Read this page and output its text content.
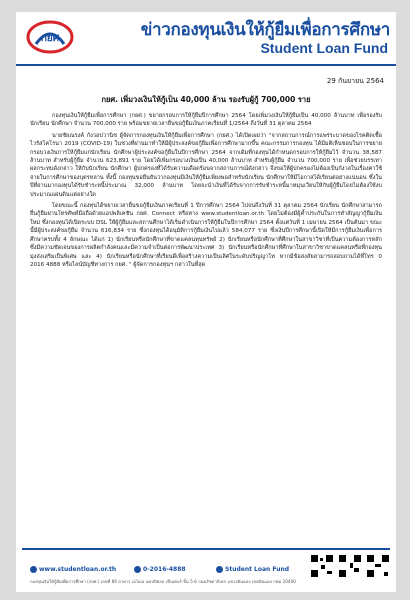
กยศ	ข่าวกองทุนเงินให้กู้ยืมเพื่อการศึกษา
Student Loan Fund
29 กันยายน 2564
กยศ. เพิ่มวงเงินให้กู้เป็น 40,000 ล้าน รองรับผู้กู้ 700,000 ราย

กองทุนเงินให้กู้ยืมเพื่อการศึกษา (กยศ.) ขยายกรอบการให้กู้ยืมปีการศึกษา 2564 โดยเพิ่มวงเงินให้กู้ยืมเป็น 40,000 ล้านบาท เพื่อรองรับนักเรียน นักศึกษา จำนวน 700,000 ราย พร้อมขยายเวลายื่นขอกู้ยืมเงินภาคเรียนที่ 1/2564 ถึงวันที่ 31 ตุลาคม 2564

นายชัยณรงค์ กังวอปวานิช ผู้จัดการกองทุนเงินให้กู้ยืมเพื่อการศึกษา (กยศ.) ได้เปิดเผยว่า "จากสถานการณ์การแพร่ระบาดของโรคติดเชื้อไวรัสโคโรนา 2019 (COVID-19) ในช่วงที่ผ่านมาทำให้มีผู้ประสงค์ขอกู้ยืมเพื่อการศึกษามากขึ้น คณะกรรมการกองทุน ได้มีมติเห็นชอบในการขยายกรอบวงเงินการให้กู้ยืมแก่นักเรียน นักศึกษาผู้ประสงค์ขอกู้ยืมในปีการศึกษา 2564 จากเดิมที่กองทุนได้กำหนดกรอบการให้กู้ยืมไว้ จำนวน 38,587 ล้านบาท สำหรับผู้กู้ยืม จำนวน 623,891 ราย โดยได้เพิ่มกรอบวงเงินเป็น 40,000 ล้านบาท สำหรับผู้กู้ยืม จำนวน 700,000 ราย เพื่อช่วยบรรเทาผลกระทบดังกล่าว ให้กับนักเรียน นักศึกษา ผู้ปกครองที่ได้รับความเดือดร้อนจากสถานการณ์ดังกล่าว จึงขอให้ผู้ปกครองไม่ต้องเป็นกังวลในเรื่องค่าใช้จ่ายในการศึกษาของบุตรหลาน ทั้งนี้ กองทุนขอยืนยันว่ากองทุนมีเงินให้กู้ยืมเพียงพอสำหรับนักเรียน นักศึกษาให้มีโอกาสได้เรียนต่อย่างแน่นอน ซึ่งในปีที่ผ่านมากองทุนได้รับชำระหนี้ประมาณ 32,000 ล้านบาท โดยจะนำเงินที่ได้รับจากการรับชำระหนี้มาหมุนเวียนให้กับผู้กู้ยืมโดยไม่ต้องใช้งบประมาณแผ่นดินแต่อย่างใด

โดยขณะนี้ กองทุนได้ขยายเวลายื่นขอกู้ยืมเงินภาคเรียนที่ 1 ปีการศึกษา 2564 ไปจนถึงวันที่ 31 ตุลาคม 2564 นักเรียน นักศึกษาสามารถยื่นกู้ยืมผ่านโทรศัพท์มือถือด้วยแอปพลิเคชัน กยศ. Connect หรือทาง www.studentloan.or.th โดยไม่ต้องมีผู้ค้ำประกันในการทำสัญญากู้ยืมเงินใหม่ ซึ่งกองทุนได้เปิดระบบ DSL ให้ผู้กู้ยืมและสถานศึกษาได้เริ่มดำเนินการให้กู้ยืมในปีการศึกษา 2564 ตั้งแต่วันที่ 1 เมษายน 2564 เป็นต้นมา ขณะนี้มีผู้ประสงค์ขอกู้ยืม จำนวน 616,834 ราย ซึ่งกองทุนได้อนุมัติการกู้ยืมเงินไปแล้ว 584,077 ราย ซึ่งเงินปีการศึกษานี้เปิดให้มีการกู้ยืมเงินเพื่อการศึกษาครบทั้ง 4 ลักษณะ ได้แก่ 1) นักเรียนหรือนักศึกษาที่ขาดแคลนทุนทรัพย์ 2) นักเรียนหรือนักศึกษาที่ศึกษาในสาขาวิชาที่เป็นความต้องการหลัก ซึ่งมีความชัดเจนของการผลิตกำลังคนและมีความจำเป็นต่อการพัฒนาประเทศ 3) นักเรียนหรือนักศึกษาที่ศึกษาในสาขาวิชาขาดแคลนหรือที่กองทุนมุ่งส่งเสริมเป็นพิเศษ และ 4) นักเรียนหรือนักศึกษาที่เรียนดีเพื่อสร้างความเป็นเลิศในระดับปริญญาโท หากมีข้อสงสัยสามารถสอบถามได้ที่โทร 0 2016 4888 หรือไลน์บัญชีทางการ กยศ. " ผู้จัดการกองทุนฯ กล่าวในที่สุด

www.studentloan.or.th	0-2016-4888	Student Loan Fund
กองทุนเงินให้กู้ยืมเพื่อการศึกษา (กยศ.) เลขที่ 89 อาคาร เอไอเอ แคปปิตอล เซ็นเตอร์ ชั้น 5-6 ถนนรัชดาภิเษก แขวงดินแดง เขตดินแดง กทม 10400
